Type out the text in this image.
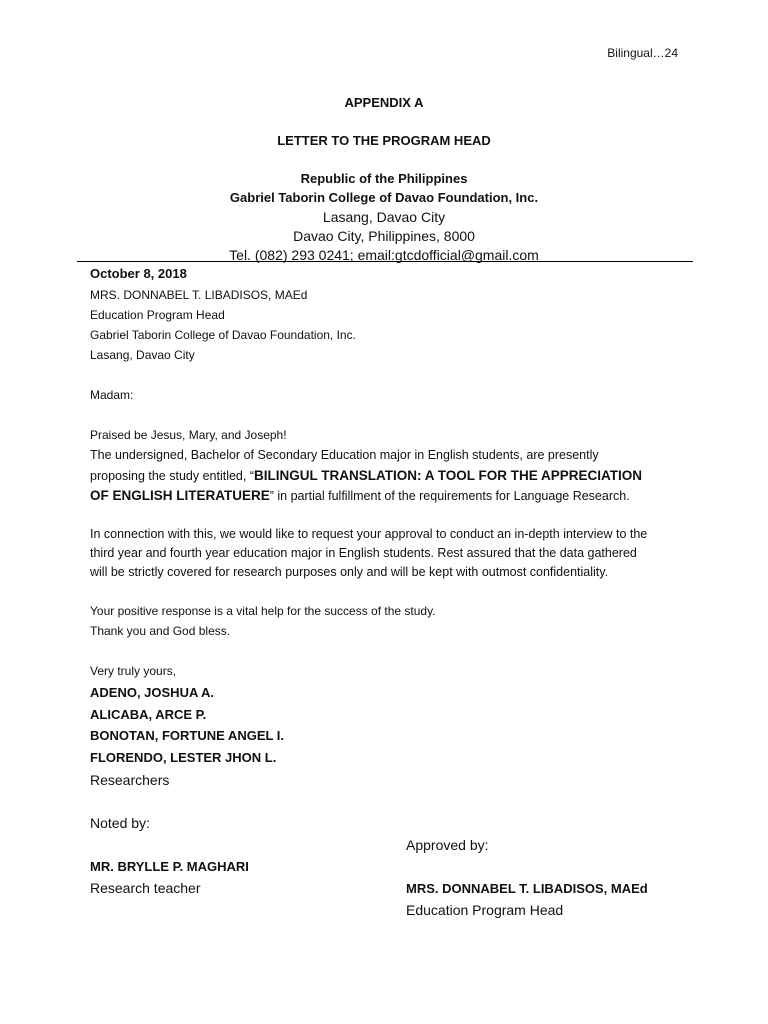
Bilingual…24
APPENDIX A
LETTER TO THE PROGRAM HEAD
Republic of the Philippines
Gabriel Taborin College of Davao Foundation, Inc.
Lasang, Davao City
Davao City, Philippines, 8000
Tel. (082) 293 0241; email:gtcdofficial@gmail.com
October 8, 2018
MRS. DONNABEL T. LIBADISOS, MAEd
Education Program Head
Gabriel Taborin College of Davao Foundation, Inc.
Lasang, Davao City
Madam:
Praised be Jesus, Mary, and Joseph!
The undersigned, Bachelor of Secondary Education major in English students, are presently proposing the study entitled, “BILINGUL TRANSLATION: A TOOL FOR THE APPRECIATION OF ENGLISH LITERATUERE” in partial fulfillment of the requirements for Language Research.
In connection with this, we would like to request your approval to conduct an in-depth interview to the third year and fourth year education major in English students. Rest assured that the data gathered will be strictly covered for research purposes only and will be kept with outmost confidentiality.
Your positive response is a vital help for the success of the study.
Thank you and God bless.
Very truly yours,
ADENO, JOSHUA A.
ALICABA, ARCE P.
BONOTAN, FORTUNE ANGEL I.
FLORENDO, LESTER JHON L.
Researchers
Noted by:
MR. BRYLLE P. MAGHARI
Research teacher
Approved by:
MRS. DONNABEL T. LIBADISOS, MAEd
Education Program Head
